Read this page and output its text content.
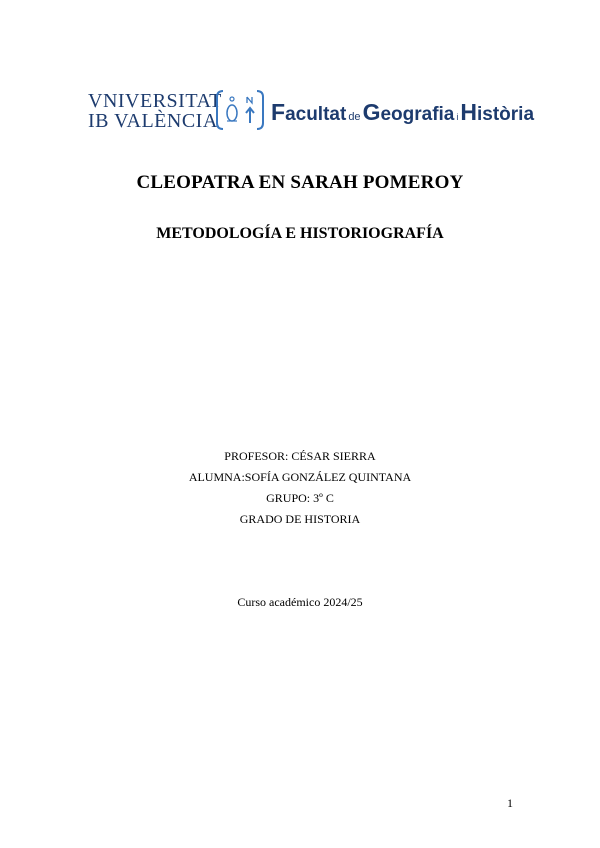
VNIVERSITAT
IB VALÈNCIA Facultat deGeografia iHistòria
CLEOPATRA EN SARAH POMEROY
METODOLOGÍA E HISTORIOGRAFÍA
PROFESOR: CÉSAR SIERRA
ALUMNA:SOFÍA GONZÁLEZ QUINTANA
GRUPO: 3º C
GRADO DE HISTORIA
Curso académico 2024/25
1
